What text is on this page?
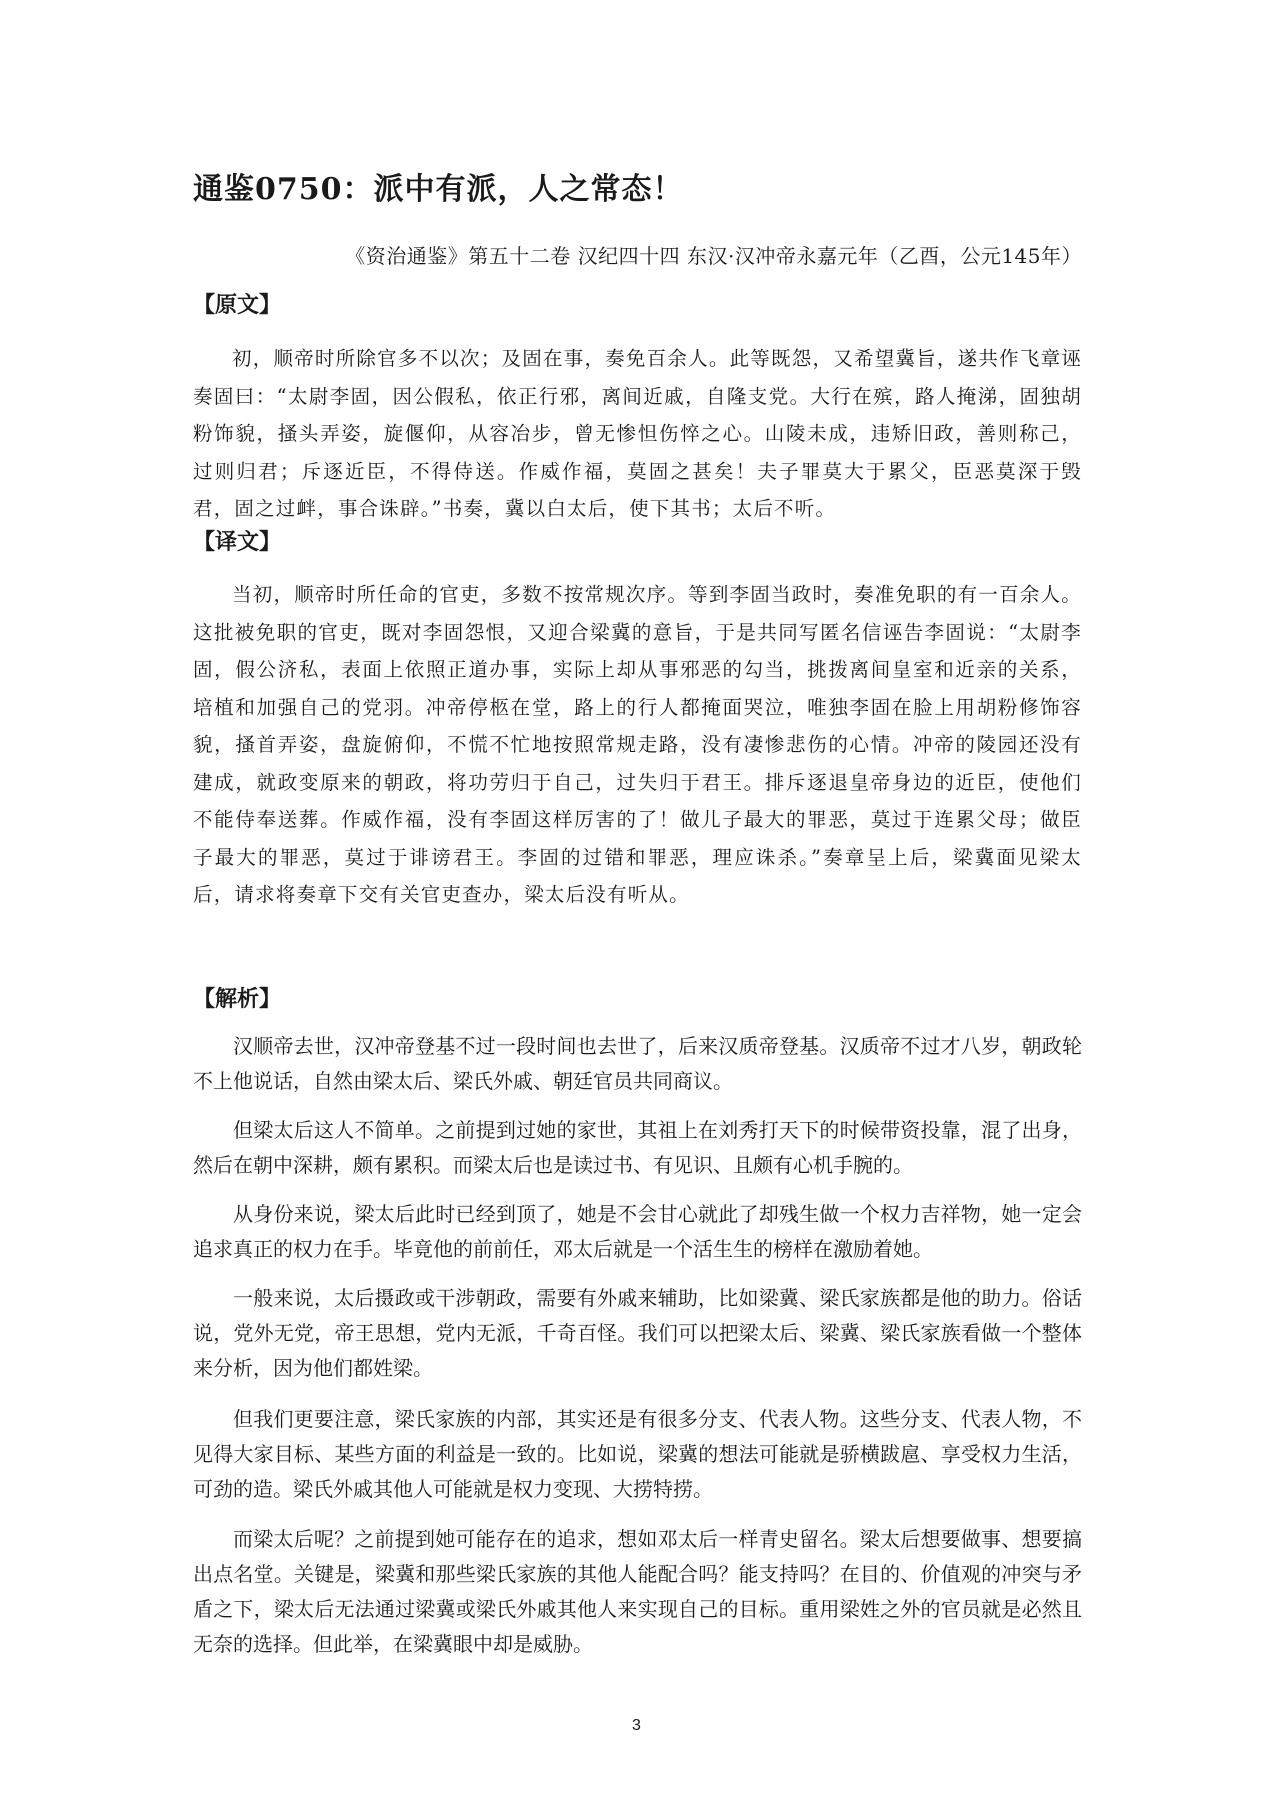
通鉴0750：派中有派，人之常态！
《资治通鉴》第五十二卷 汉纪四十四 东汉·汉冲帝永嘉元年（乙酉，公元145年）
【原文】

初，顺帝时所除官多不以次；及固在事，奏免百余人。此等既怨，又希望冀旨，遂共作飞章诬奏固曰：“太尉李固，因公假私，依正行邪，离间近戚，自隆支党。大行在殡，路人掩涕，固独胡粉饰貌，搔头弄姿，旋偃仰，从容冶步，曾无惨怛伤悴之心。山陵未成，违矫旧政，善则称己，过则归君；斥逐近臣，不得侍送。作威作福，莫固之甚矣！夫子罪莫大于累父，臣恶莫深于毁君，固之过衅，事合诛辟。”书奏，冀以白太后，使下其书；太后不听。

【译文】

当初，顺帝时所任命的官吏，多数不按常规次序。等到李固当政时，奏准免职的有一百余人。这批被免职的官吏，既对李固怨恨，又迎合梁冀的意旨，于是共同写匿名信诬告李固说：“太尉李固，假公济私，表面上依照正道办事，实际上却从事邪恶的勾当，挑拨离间皇室和近亲的关系，培植和加强自己的党羽。冲帝停柩在堂，路上的行人都掩面哭泣，唯独李固在脸上用胡粉修饰容貌，搔首弄姿，盘旋俯仰，不慌不忙地按照常规走路，没有凄惨悲伤的心情。冲帝的陵园还没有建成，就政变原来的朝政，将功劳归于自己，过失归于君王。排斥逐退皇帝身边的近臣，使他们不能侍奉送葬。作威作福，没有李固这样厉害的了！做儿子最大的罪恶，莫过于连累父母；做臣子最大的罪恶，莫过于诽谤君王。李固的过错和罪恶，理应诛杀。”奏章呈上后，梁冀面见梁太后，请求将奏章下交有关官吏查办，梁太后没有听从。

【解析】

汉顺帝去世，汉冲帝登基不过一段时间也去世了，后来汉质帝登基。汉质帝不过才八岁，朝政轮不上他说话，自然由梁太后、梁氏外戚、朝廷官员共同商议。

但梁太后这人不简单。之前提到过她的家世，其祖上在刘秀打天下的时候带资投靠，混了出身，然后在朝中深耕，颇有累积。而梁太后也是读过书、有见识、且颇有心机手腕的。

从身份来说，梁太后此时已经到顶了，她是不会甘心就此了却残生做一个权力吉祥物，她一定会追求真正的权力在手。毕竟他的前前任，邓太后就是一个活生生的榜样在激励着她。

一般来说，太后摄政或干涉朝政，需要有外戚来辅助，比如梁冀、梁氏家族都是他的助力。俗话说，党外无党，帝王思想，党内无派，千奇百怪。我们可以把梁太后、梁冀、梁氏家族看做一个整体来分析，因为他们都姓梁。

但我们更要注意，梁氏家族的内部，其实还是有很多分支、代表人物。这些分支、代表人物，不见得大家目标、某些方面的利益是一致的。比如说，梁冀的想法可能就是骄横跋扈、享受权力生活，可劲的造。梁氏外戚其他人可能就是权力变现、大捞特捞。

而梁太后呢？之前提到她可能存在的追求，想如邓太后一样青史留名。梁太后想要做事、想要搞出点名堂。关键是，梁冀和那些梁氏家族的其他人能配合吗？能支持吗？在目的、价值观的冲突与矛盾之下，梁太后无法通过梁冀或梁氏外戚其他人来实现自己的目标。重用梁姓之外的官员就是必然且无奈的选择。但此举，在梁冀眼中却是威胁。

3
